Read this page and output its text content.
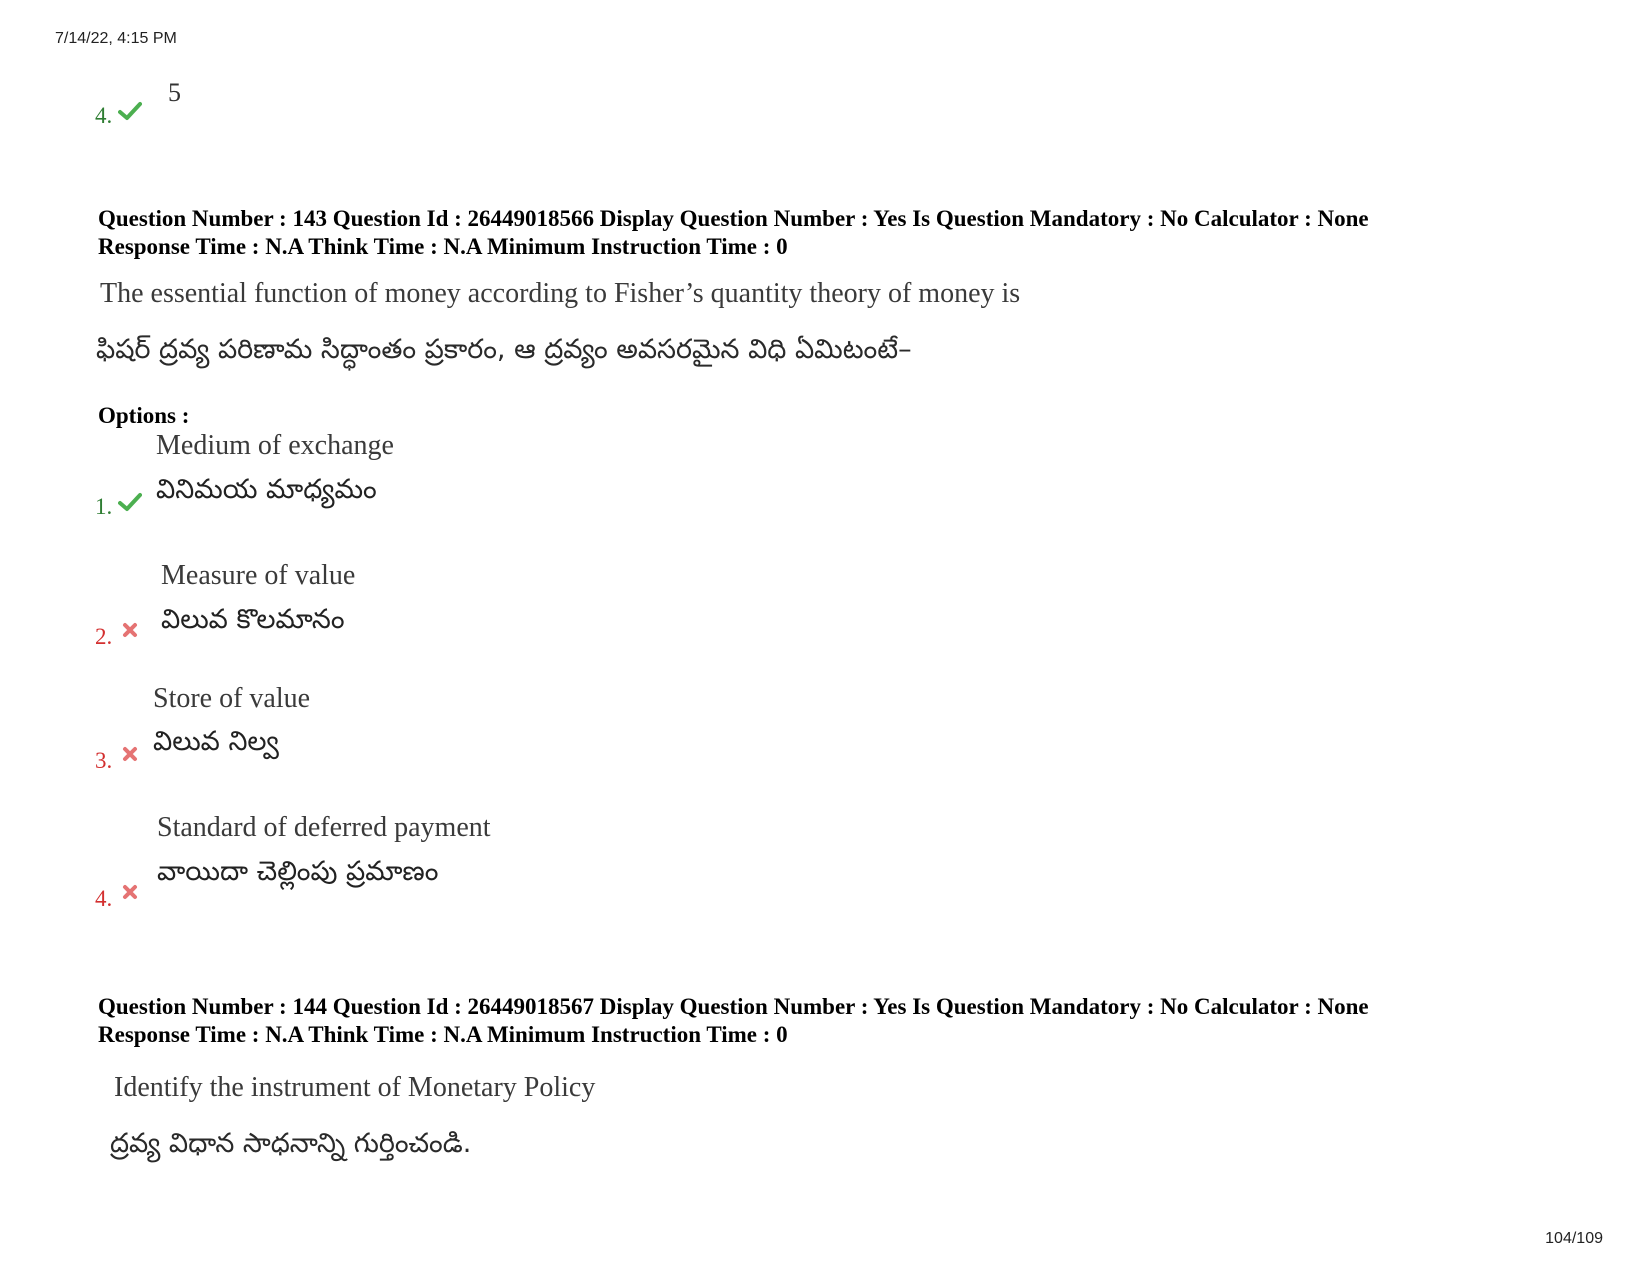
7/14/22, 4:15 PM
4.
5
Question Number : 143 Question Id : 26449018566 Display Question Number : Yes Is Question Mandatory : No Calculator : None
Response Time : N.A Think Time : N.A Minimum Instruction Time : 0
The essential function of money according to Fisher’s quantity theory of money is
ఫిషర్ ద్రవ్య పరిణామ సిద్ధాంతం ప్రకారం, ఆ ద్రవ్యం అవసరమైన విధి ఏమిటంటే–
Options :
Medium of exchange
వినిమయ మాధ్యమం
1.
Measure of value
విలువ కొలమానం
2.
Store of value
విలువ నిల్వ
3.
Standard of deferred payment
వాయిదా చెల్లింపు ప్రమాణం
4.
Question Number : 144 Question Id : 26449018567 Display Question Number : Yes Is Question Mandatory : No Calculator : None
Response Time : N.A Think Time : N.A Minimum Instruction Time : 0
Identify the instrument of Monetary Policy
ద్రవ్య విధాన సాధనాన్ని గుర్తించండి.
104/109
